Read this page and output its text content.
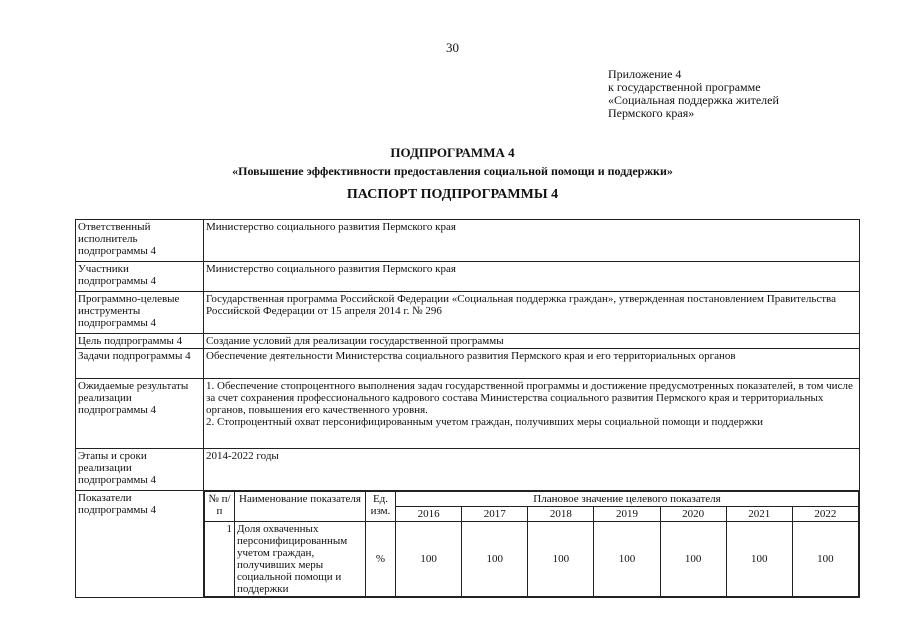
30
Приложение 4
к государственной программе
«Социальная поддержка жителей
Пермского края»
ПОДПРОГРАММА 4
«Повышение эффективности предоставления социальной помощи и поддержки»
ПАСПОРТ ПОДПРОГРАММЫ 4
Ответственный исполнитель подпрограммы 4	Министерство социального развития Пермского края
Участники подпрограммы 4	Министерство социального развития Пермского края
Программно-целевые инструменты подпрограммы 4	Государственная программа Российской Федерации «Социальная поддержка граждан», утвержденная постановлением Правительства Российской Федерации от 15 апреля 2014 г. № 296
Цель подпрограммы 4	Создание условий для реализации государственной программы
Задачи подпрограммы 4	Обеспечение деятельности Министерства социального развития Пермского края и его территориальных органов
Ожидаемые результаты реализации подпрограммы 4	1. Обеспечение стопроцентного выполнения задач государственной программы и достижение предусмотренных показателей, в том числе за счет сохранения профессионального кадрового состава Министерства социального развития Пермского края и территориальных органов, повышения его качественного уровня.
2. Стопроцентный охват персонифицированным учетом граждан, получивших меры социальной помощи и поддержки
Этапы и сроки реализации подпрограммы 4	2014-2022 годы
Показатели подпрограммы 4	
№ п/п	Наименование показателя	Ед. изм.	Плановое значение целевого показателя
2016	2017	2018	2019	2020	2021	2022
1	Доля охваченных персонифицированным учетом граждан, получивших меры социальной помощи и поддержки	%	100	100	100	100	100	100	100
